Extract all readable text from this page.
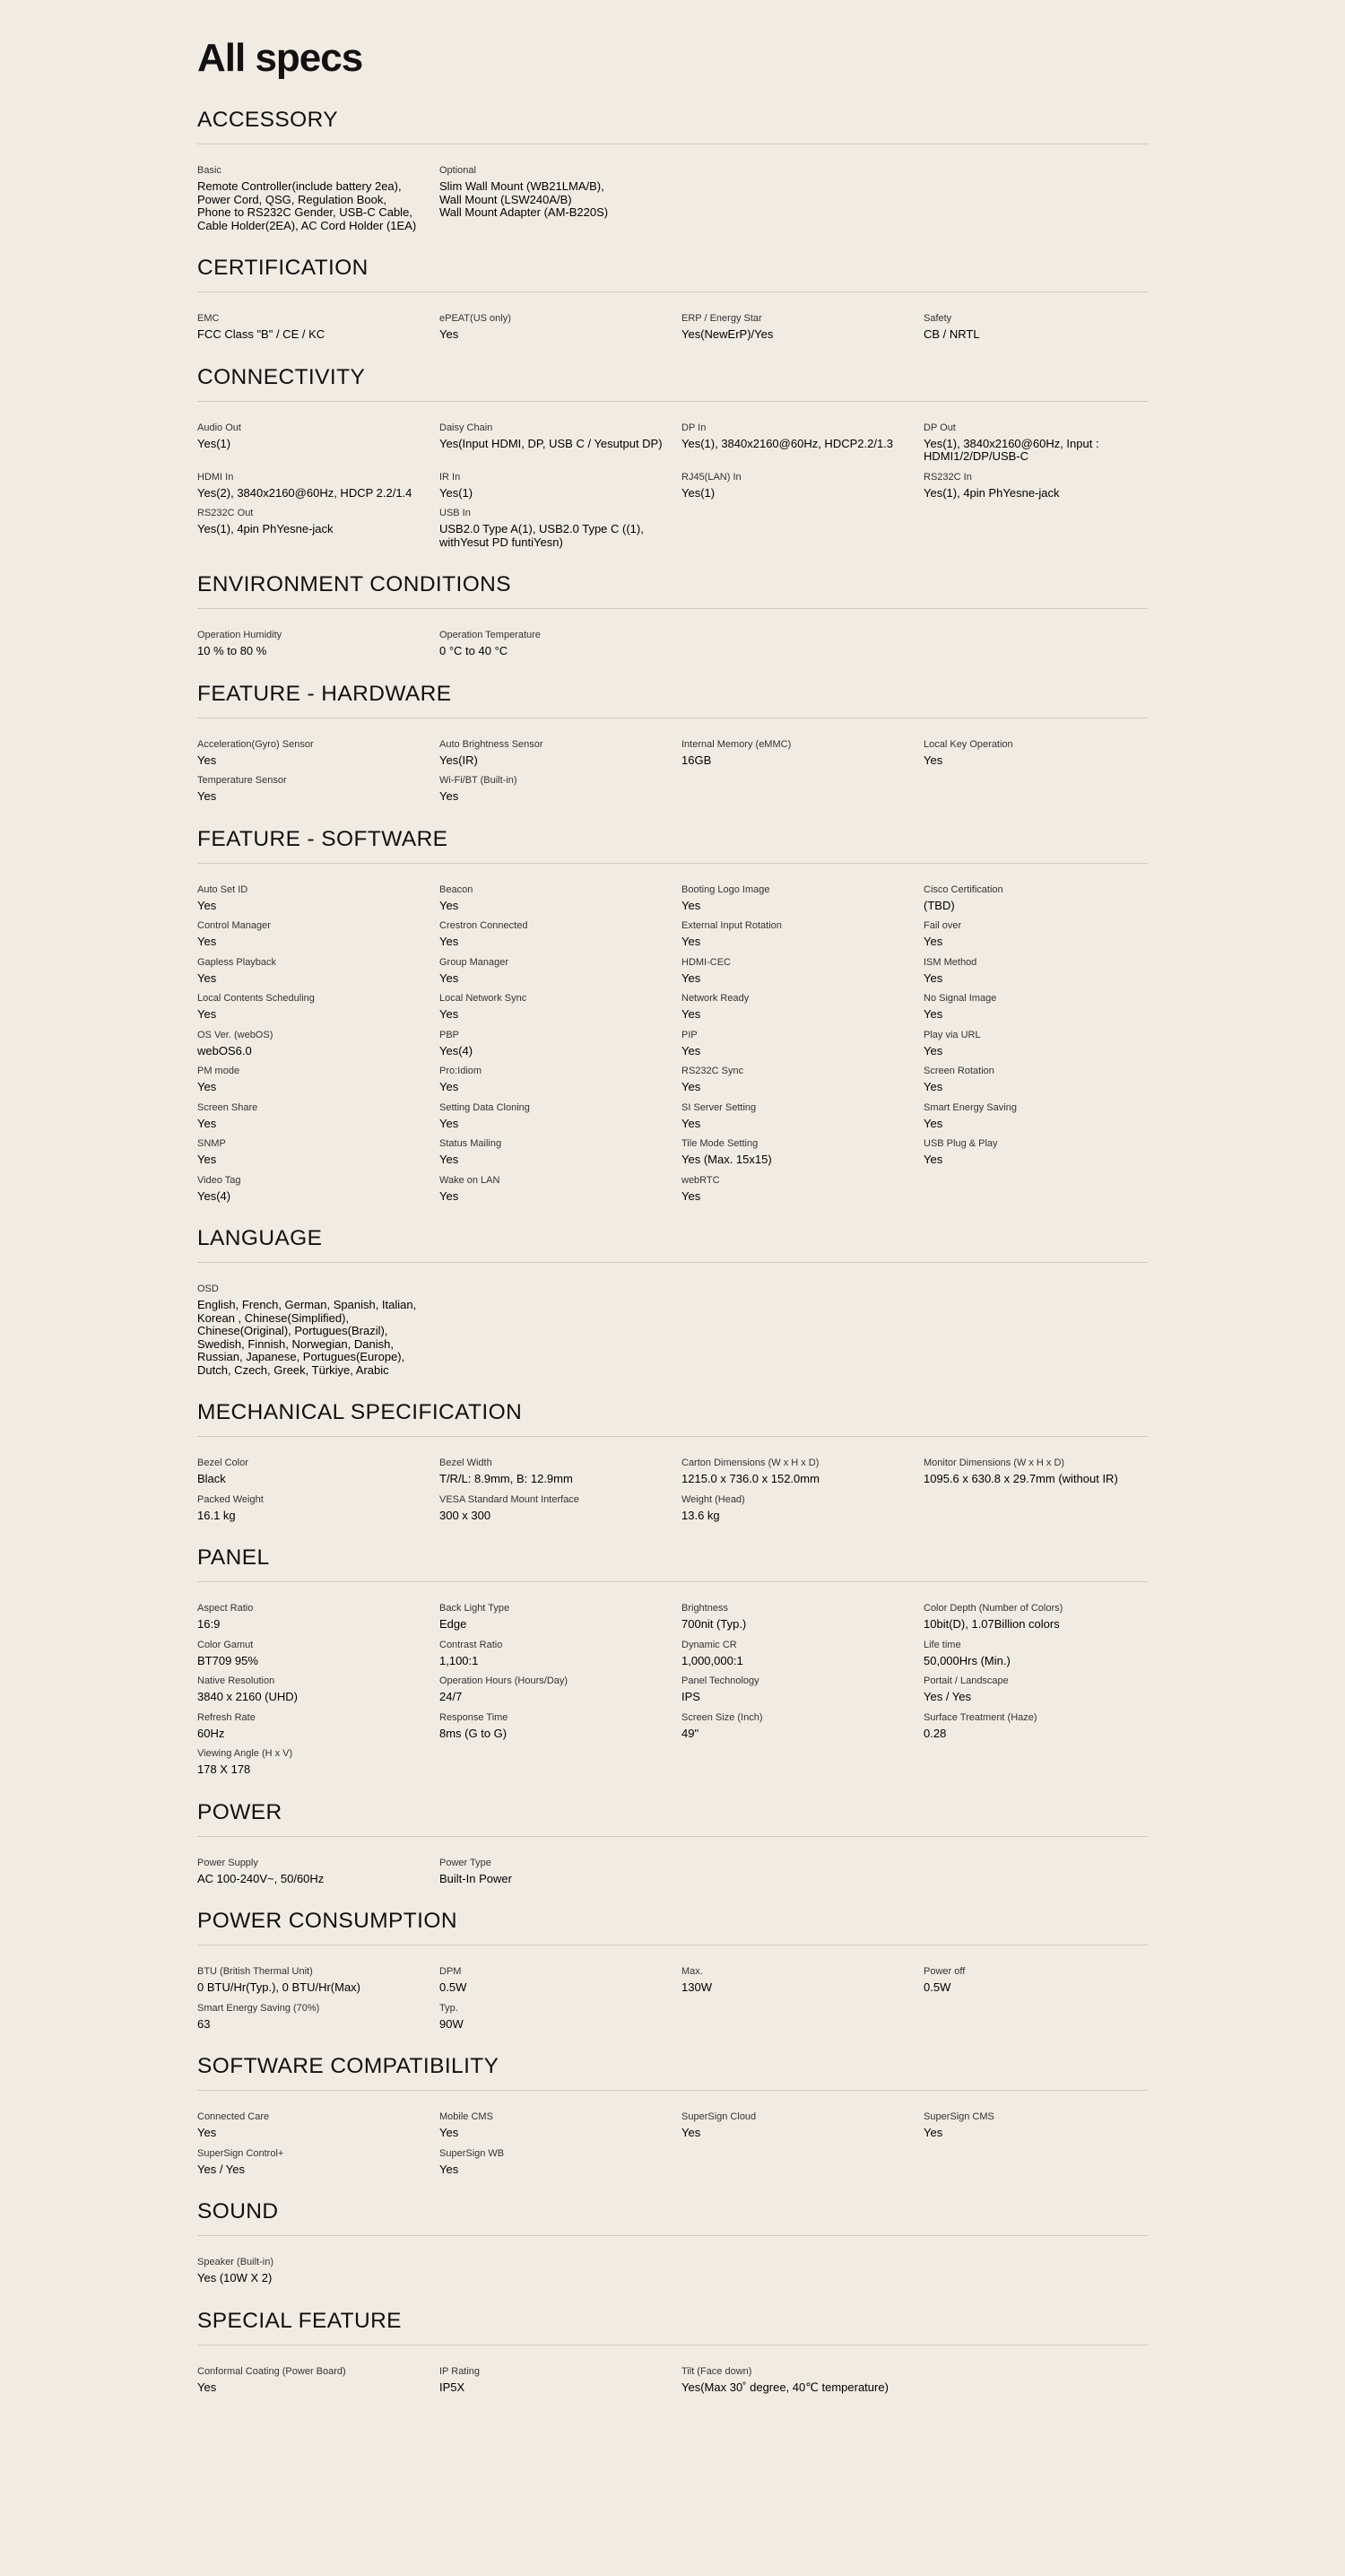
All specs
ACCESSORY
Basic
Remote Controller(include battery 2ea), Power Cord, QSG, Regulation Book, Phone to RS232C Gender, USB-C Cable, Cable Holder(2EA), AC Cord Holder (1EA)
Optional
Slim Wall Mount (WB21LMA/B),
Wall Mount (LSW240A/B)
Wall Mount Adapter (AM-B220S)
CERTIFICATION
EMC
FCC Class "B" / CE / KC
ePEAT(US only)
Yes
ERP / Energy Star
Yes(NewErP)/Yes
Safety
CB / NRTL
CONNECTIVITY
Audio Out
Yes(1)
Daisy Chain
Yes(Input HDMI, DP, USB C / Yesutput DP)
DP In
Yes(1), 3840x2160@60Hz, HDCP2.2/1.3
DP Out
Yes(1), 3840x2160@60Hz, Input : HDMI1/2/DP/USB-C
HDMI In
Yes(2), 3840x2160@60Hz, HDCP 2.2/1.4
IR In
Yes(1)
RJ45(LAN) In
Yes(1)
RS232C In
Yes(1), 4pin PhYesne-jack
RS232C Out
Yes(1), 4pin PhYesne-jack
USB In
USB2.0 Type A(1), USB2.0 Type C ((1), withYesut PD funtiYesn)
ENVIRONMENT CONDITIONS
Operation Humidity
10 % to 80 %
Operation Temperature
0 °C to 40 °C
FEATURE - HARDWARE
Acceleration(Gyro) Sensor
Yes
Auto Brightness Sensor
Yes(IR)
Internal Memory (eMMC)
16GB
Local Key Operation
Yes
Temperature Sensor
Yes
Wi-Fi/BT (Built-in)
Yes
FEATURE - SOFTWARE
Auto Set ID
Yes
Beacon
Yes
Booting Logo Image
Yes
Cisco Certification
(TBD)
Control Manager
Yes
Crestron Connected
Yes
External Input Rotation
Yes
Fail over
Yes
Gapless Playback
Yes
Group Manager
Yes
HDMI-CEC
Yes
ISM Method
Yes
Local Contents Scheduling
Yes
Local Network Sync
Yes
Network Ready
Yes
No Signal Image
Yes
OS Ver. (webOS)
webOS6.0
PBP
Yes(4)
PIP
Yes
Play via URL
Yes
PM mode
Yes
Pro:Idiom
Yes
RS232C Sync
Yes
Screen Rotation
Yes
Screen Share
Yes
Setting Data Cloning
Yes
SI Server Setting
Yes
Smart Energy Saving
Yes
SNMP
Yes
Status Mailing
Yes
Tile Mode Setting
Yes (Max. 15x15)
USB Plug & Play
Yes
Video Tag
Yes(4)
Wake on LAN
Yes
webRTC
Yes
LANGUAGE
OSD
English, French, German, Spanish, Italian, Korean , Chinese(Simplified), Chinese(Original), Portugues(Brazil), Swedish, Finnish, Norwegian, Danish, Russian, Japanese, Portugues(Europe), Dutch, Czech, Greek, Türkiye, Arabic
MECHANICAL SPECIFICATION
Bezel Color
Black
Bezel Width
T/R/L: 8.9mm, B: 12.9mm
Carton Dimensions (W x H x D)
1215.0 x 736.0 x 152.0mm
Monitor Dimensions (W x H x D)
1095.6 x 630.8 x 29.7mm (without IR)
Packed Weight
16.1 kg
VESA Standard Mount Interface
300 x 300
Weight (Head)
13.6 kg
PANEL
Aspect Ratio
16:9
Back Light Type
Edge
Brightness
700nit (Typ.)
Color Depth (Number of Colors)
10bit(D), 1.07Billion colors
Color Gamut
BT709 95%
Contrast Ratio
1,100:1
Dynamic CR
1,000,000:1
Life time
50,000Hrs (Min.)
Native Resolution
3840 x 2160 (UHD)
Operation Hours (Hours/Day)
24/7
Panel Technology
IPS
Portait / Landscape
Yes / Yes
Refresh Rate
60Hz
Response Time
8ms (G to G)
Screen Size (Inch)
49"
Surface Treatment (Haze)
0.28
Viewing Angle (H x V)
178 X 178
POWER
Power Supply
AC 100-240V~, 50/60Hz
Power Type
Built-In Power
POWER CONSUMPTION
BTU (British Thermal Unit)
0 BTU/Hr(Typ.), 0 BTU/Hr(Max)
DPM
0.5W
Max.
130W
Power off
0.5W
Smart Energy Saving (70%)
63
Typ.
90W
SOFTWARE COMPATIBILITY
Connected Care
Yes
Mobile CMS
Yes
SuperSign Cloud
Yes
SuperSign CMS
Yes
SuperSign Control+
Yes / Yes
SuperSign WB
Yes
SOUND
Speaker (Built-in)
Yes (10W X 2)
SPECIAL FEATURE
Conformal Coating (Power Board)
Yes
IP Rating
IP5X
Tilt (Face down)
Yes(Max 30˚ degree, 40℃ temperature)
